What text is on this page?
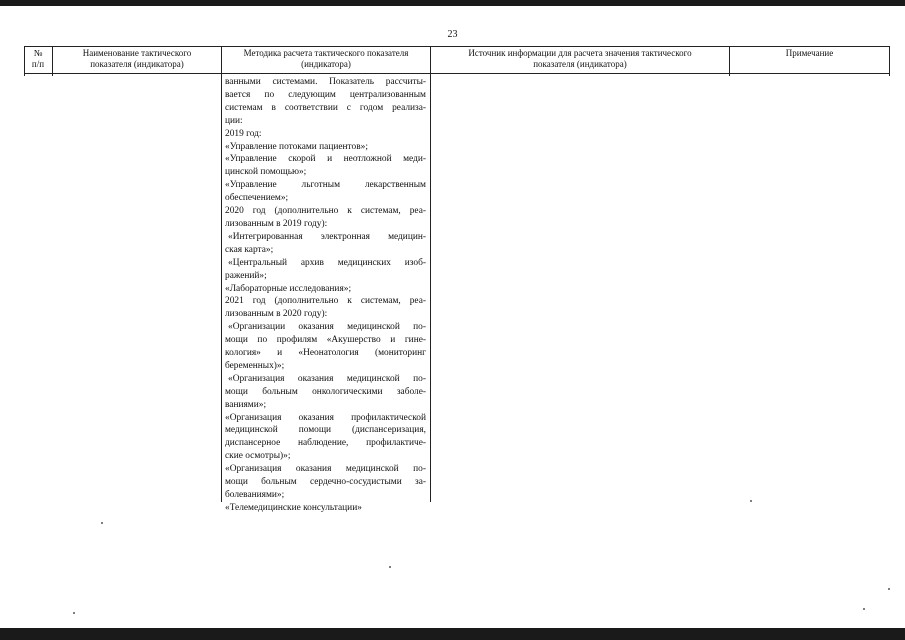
23
№
п/п
Наименование тактического
показателя (индикатора)
Методика расчета тактического показателя
(индикатора)
Источник информации для расчета значения тактического
показателя (индикатора)
Примечание
ванными системами. Показатель рассчиты-
вается по следующим централизованным
системам в соответствии с годом реализа-
ции:
2019 год:
«Управление потоками пациентов»;
«Управление скорой и неотложной меди-
цинской помощью»;
«Управление льготным лекарственным
обеспечением»;
2020 год (дополнительно к системам, реа-
лизованным в 2019 году):
«Интегрированная электронная медицин-
ская карта»;
«Центральный архив медицинских изоб-
ражений»;
«Лабораторные исследования»;
2021 год (дополнительно к системам, реа-
лизованным в 2020 году):
«Организации оказания медицинской по-
мощи по профилям «Акушерство и гине-
кология» и «Неонатология (мониторинг
беременных)»;
«Организация оказания медицинской по-
мощи больным онкологическими заболе-
ваниями»;
«Организация оказания профилактической
медицинской помощи (диспансеризация,
диспансерное наблюдение, профилактиче-
ские осмотры)»;
«Организация оказания медицинской по-
мощи больным сердечно-сосудистыми за-
болеваниями»;
«Телемедицинские консультации»
